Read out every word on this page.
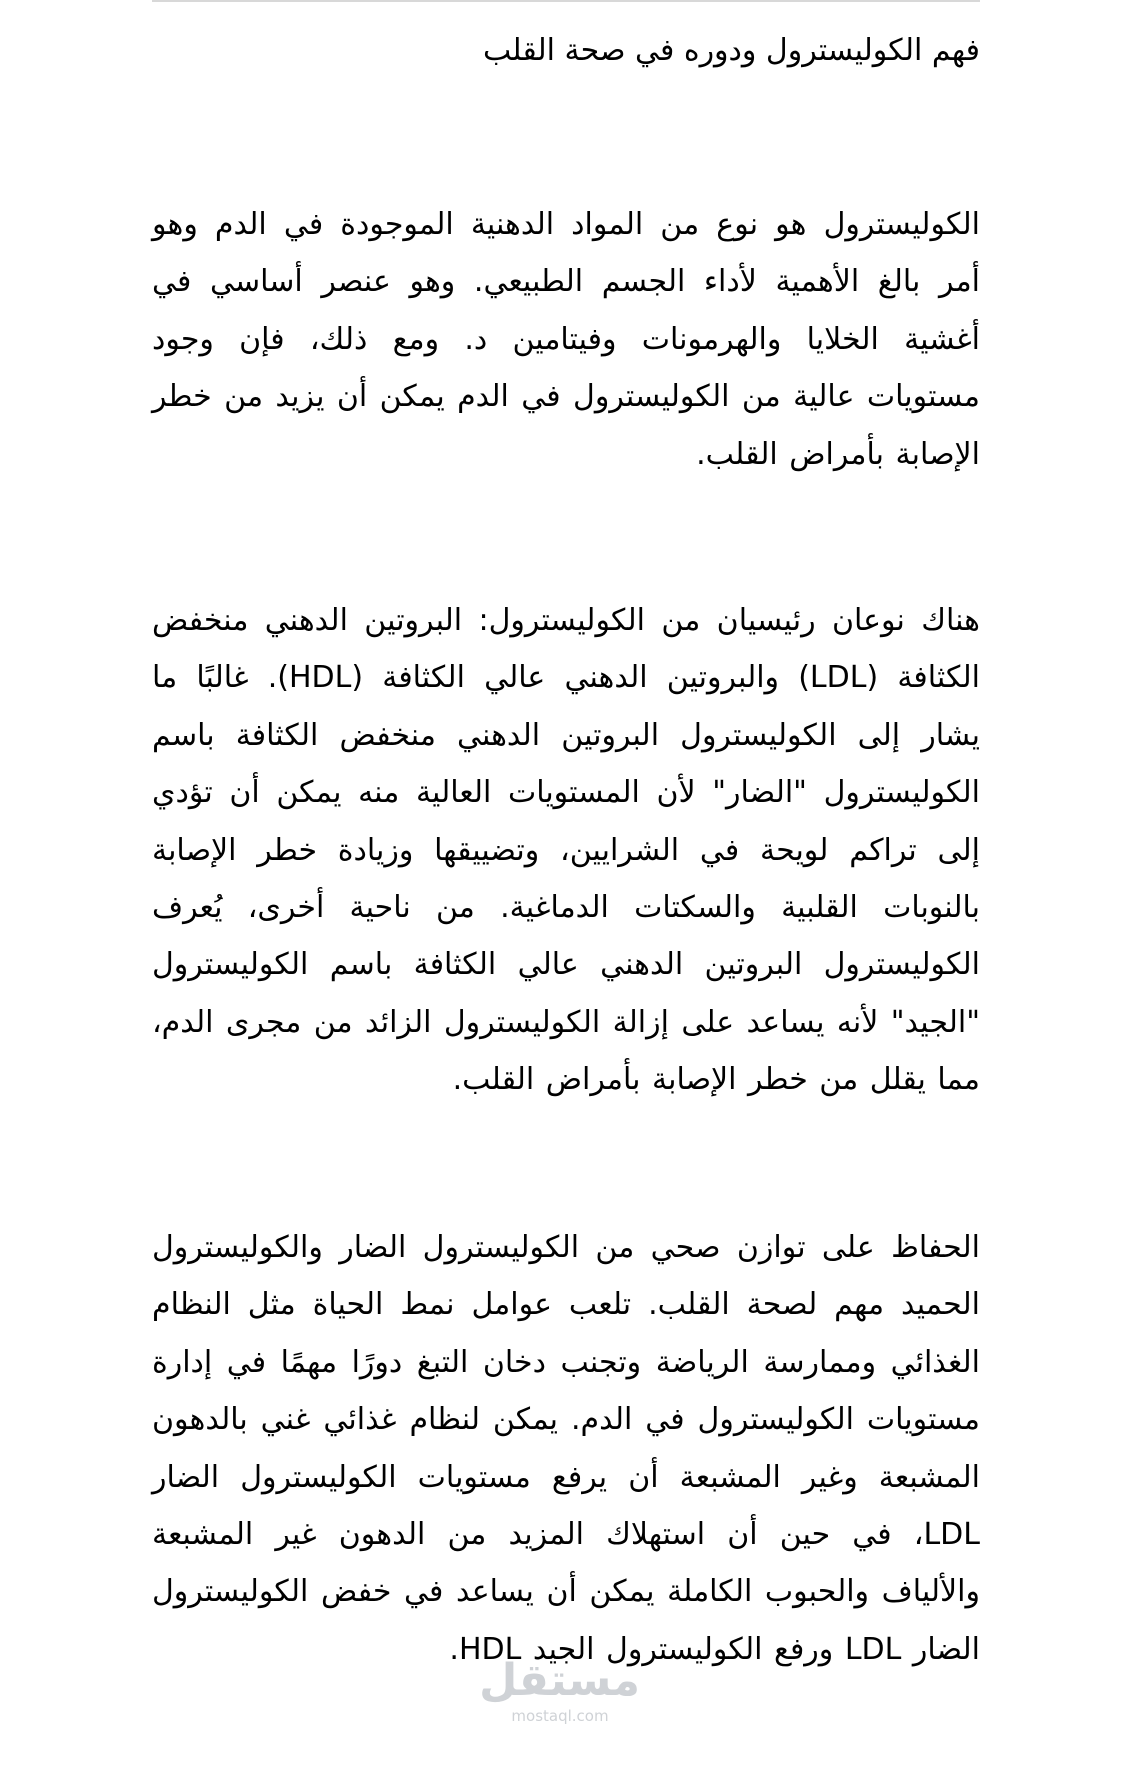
فهم الكوليسترول ودوره في صحة القلب

الكوليسترول هو نوع من المواد الدهنية الموجودة في الدم وهو أمر بالغ الأهمية لأداء الجسم الطبيعي. وهو عنصر أساسي في أغشية الخلايا والهرمونات وفيتامين د. ومع ذلك، فإن وجود مستويات عالية من الكوليسترول في الدم يمكن أن يزيد من خطر الإصابة بأمراض القلب.

هناك نوعان رئيسيان من الكوليسترول: البروتين الدهني منخفض الكثافة (LDL) والبروتين الدهني عالي الكثافة (HDL). غالبًا ما يشار إلى الكوليسترول البروتين الدهني منخفض الكثافة باسم الكوليسترول "الضار" لأن المستويات العالية منه يمكن أن تؤدي إلى تراكم لويحة في الشرايين، وتضييقها وزيادة خطر الإصابة بالنوبات القلبية والسكتات الدماغية. من ناحية أخرى، يُعرف الكوليسترول البروتين الدهني عالي الكثافة باسم الكوليسترول "الجيد" لأنه يساعد على إزالة الكوليسترول الزائد من مجرى الدم، مما يقلل من خطر الإصابة بأمراض القلب.

الحفاظ على توازن صحي من الكوليسترول الضار والكوليسترول الحميد مهم لصحة القلب. تلعب عوامل نمط الحياة مثل النظام الغذائي وممارسة الرياضة وتجنب دخان التبغ دورًا مهمًا في إدارة مستويات الكوليسترول في الدم. يمكن لنظام غذائي غني بالدهون المشبعة وغير المشبعة أن يرفع مستويات الكوليسترول الضار LDL، في حين أن استهلاك المزيد من الدهون غير المشبعة والألياف والحبوب الكاملة يمكن أن يساعد في خفض الكوليسترول الضار LDL ورفع الكوليسترول الجيد HDL.

مستقل
mostaql.com
